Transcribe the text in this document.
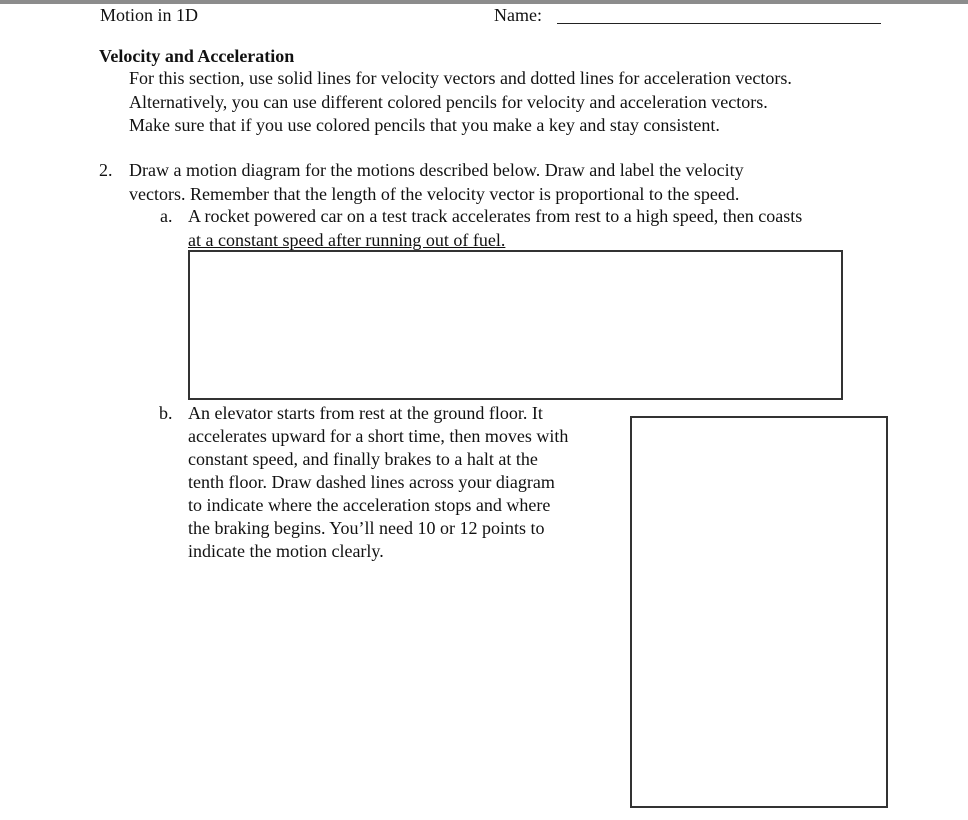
Motion in 1D	Name:
Velocity and Acceleration
For this section, use solid lines for velocity vectors and dotted lines for acceleration vectors.
Alternatively, you can use different colored pencils for velocity and acceleration vectors.
Make sure that if you use colored pencils that you make a key and stay consistent.
2. Draw a motion diagram for the motions described below. Draw and label the velocity
vectors. Remember that the length of the velocity vector is proportional to the speed.
a. A rocket powered car on a test track accelerates from rest to a high speed, then coasts
at a constant speed after running out of fuel.
b. An elevator starts from rest at the ground floor. It
accelerates upward for a short time, then moves with
constant speed, and finally brakes to a halt at the
tenth floor. Draw dashed lines across your diagram
to indicate where the acceleration stops and where
the braking begins. You’ll need 10 or 12 points to
indicate the motion clearly.
